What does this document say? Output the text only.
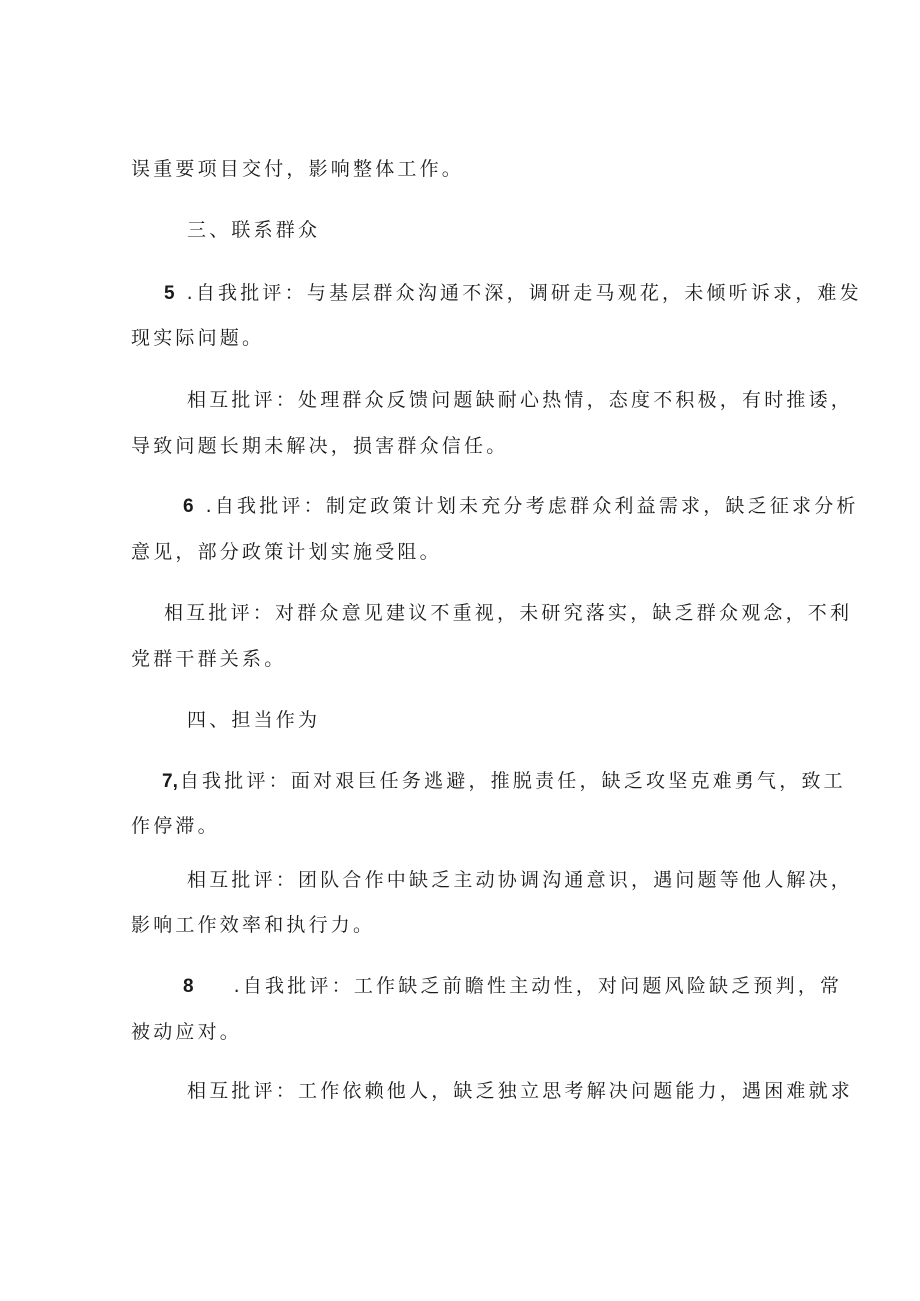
误重要项目交付，影响整体工作。
三、联系群众
5 .自我批评：与基层群众沟通不深，调研走马观花，未倾听诉求，难发
现实际问题。
相互批评：处理群众反馈问题缺耐心热情，态度不积极，有时推诿，
导致问题长期未解决，损害群众信任。
6 .自我批评：制定政策计划未充分考虑群众利益需求，缺乏征求分析
意见，部分政策计划实施受阻。
相互批评：对群众意见建议不重视，未研究落实，缺乏群众观念，不利
党群干群关系。
四、担当作为
7, 自我批评：面对艰巨任务逃避，推脱责任，缺乏攻坚克难勇气，致工
作停滞。
相互批评：团队合作中缺乏主动协调沟通意识，遇问题等他人解决，
影响工作效率和执行力。
8 .自我批评：工作缺乏前瞻性主动性，对问题风险缺乏预判，常
被动应对。
相互批评：工作依赖他人，缺乏独立思考解决问题能力，遇困难就求
